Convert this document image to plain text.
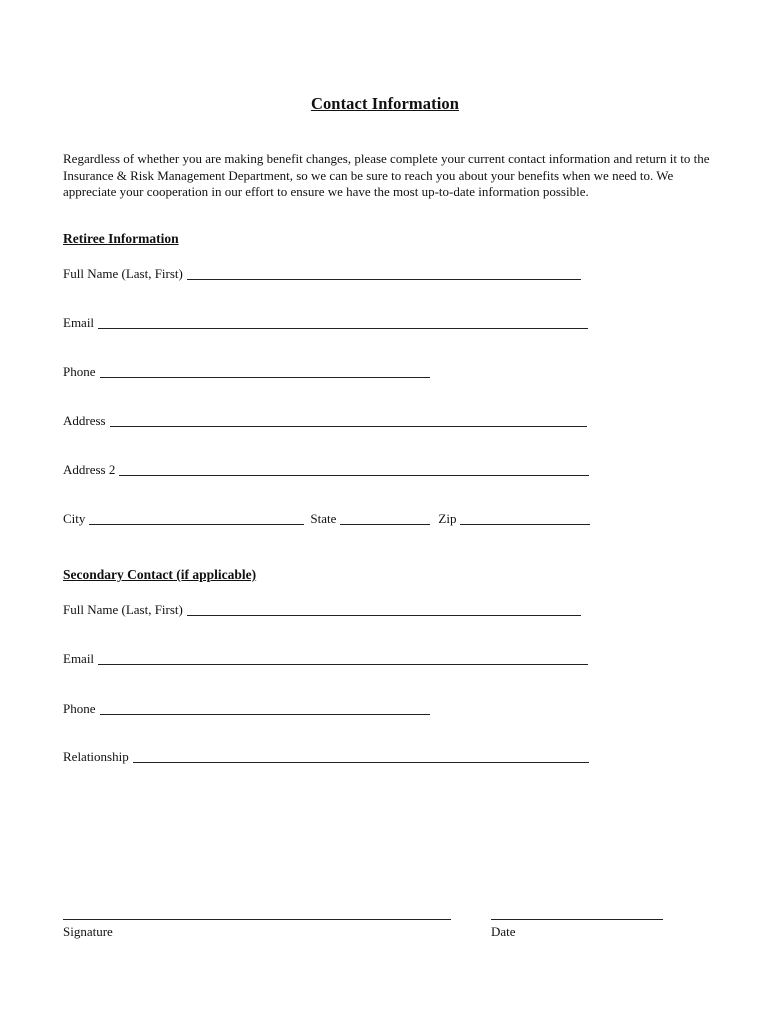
Contact Information
Regardless of whether you are making benefit changes, please complete your current contact information and return it to the Insurance & Risk Management Department, so we can be sure to reach you about your benefits when we need to. We appreciate your cooperation in our effort to ensure we have the most up-to-date information possible.
Retiree Information
Full Name (Last, First)
Email
Phone
Address
Address 2
City	State	Zip
Secondary Contact (if applicable)
Full Name (Last, First)
Email
Phone
Relationship
Signature	Date
